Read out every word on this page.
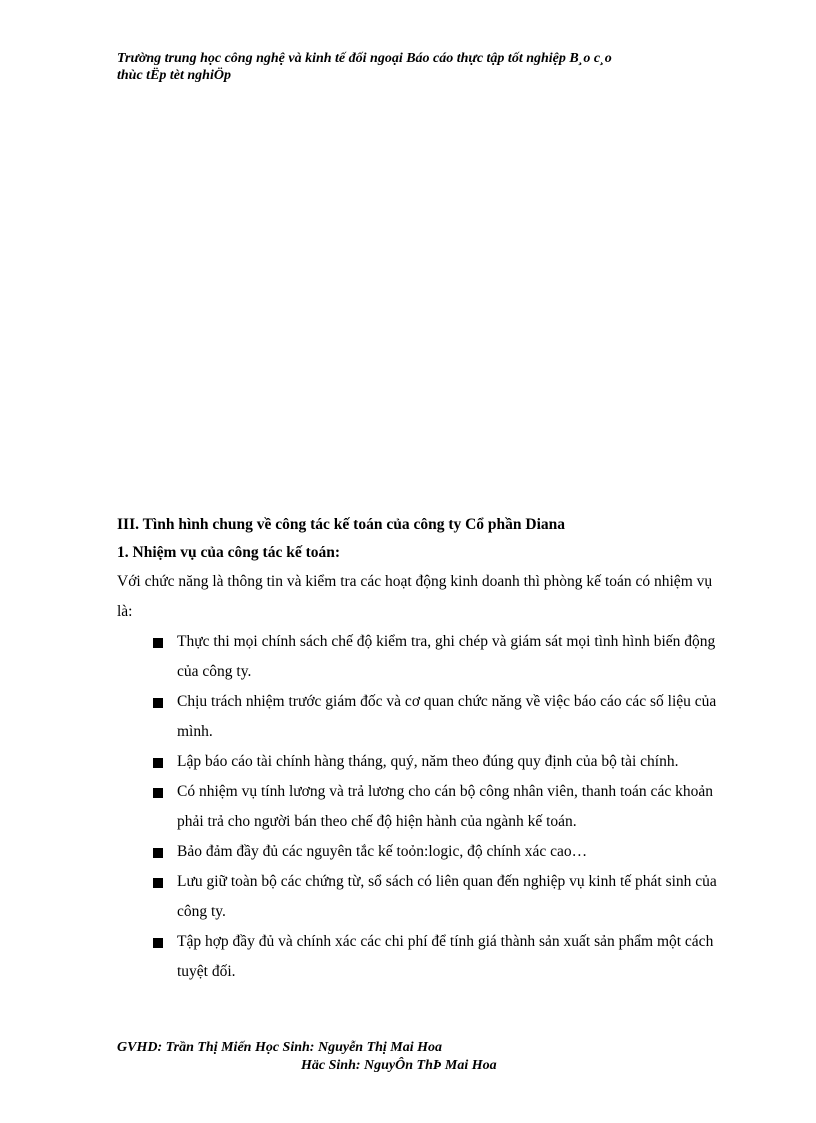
Trường trung học công nghệ và kinh tế đối ngoại Báo cáo thực tập tốt nghiệp B¸o c¸o
thùc tËp tèt nghiÖp

III. Tình hình chung về công tác kế toán của công ty Cổ phần Diana

1. Nhiệm vụ của công tác kế toán:

Với chức năng là thông tin và kiểm tra các hoạt động kinh doanh thì phòng kế toán có nhiệm vụ là:

Thực thi mọi chính sách chế độ kiểm tra, ghi chép và giám sát mọi tình hình biến động của công ty.
Chịu trách nhiệm trước giám đốc và cơ quan chức năng về việc báo cáo các số liệu của mình.
Lập báo cáo tài chính hàng tháng, quý, năm theo đúng quy định của bộ tài chính.
Có nhiệm vụ tính lương và trả lương cho cán bộ công nhân viên, thanh toán các khoản phải trả cho người bán theo chế độ hiện hành của ngành kế toán.
Bảo đảm đầy đủ các nguyên tắc kế toỏn:logic, độ chính xác cao…
Lưu giữ toàn bộ các chứng từ, sổ sách có liên quan đến nghiệp vụ kinh tế phát sinh của công ty.
Tập hợp đầy đủ và chính xác các chi phí để tính giá thành sản xuất sản phẩm một cách tuyệt đối.
GVHD: Trần Thị Miến Học Sinh: Nguyễn Thị Mai Hoa
Häc Sinh: NguyÔn ThÞ Mai Hoa
